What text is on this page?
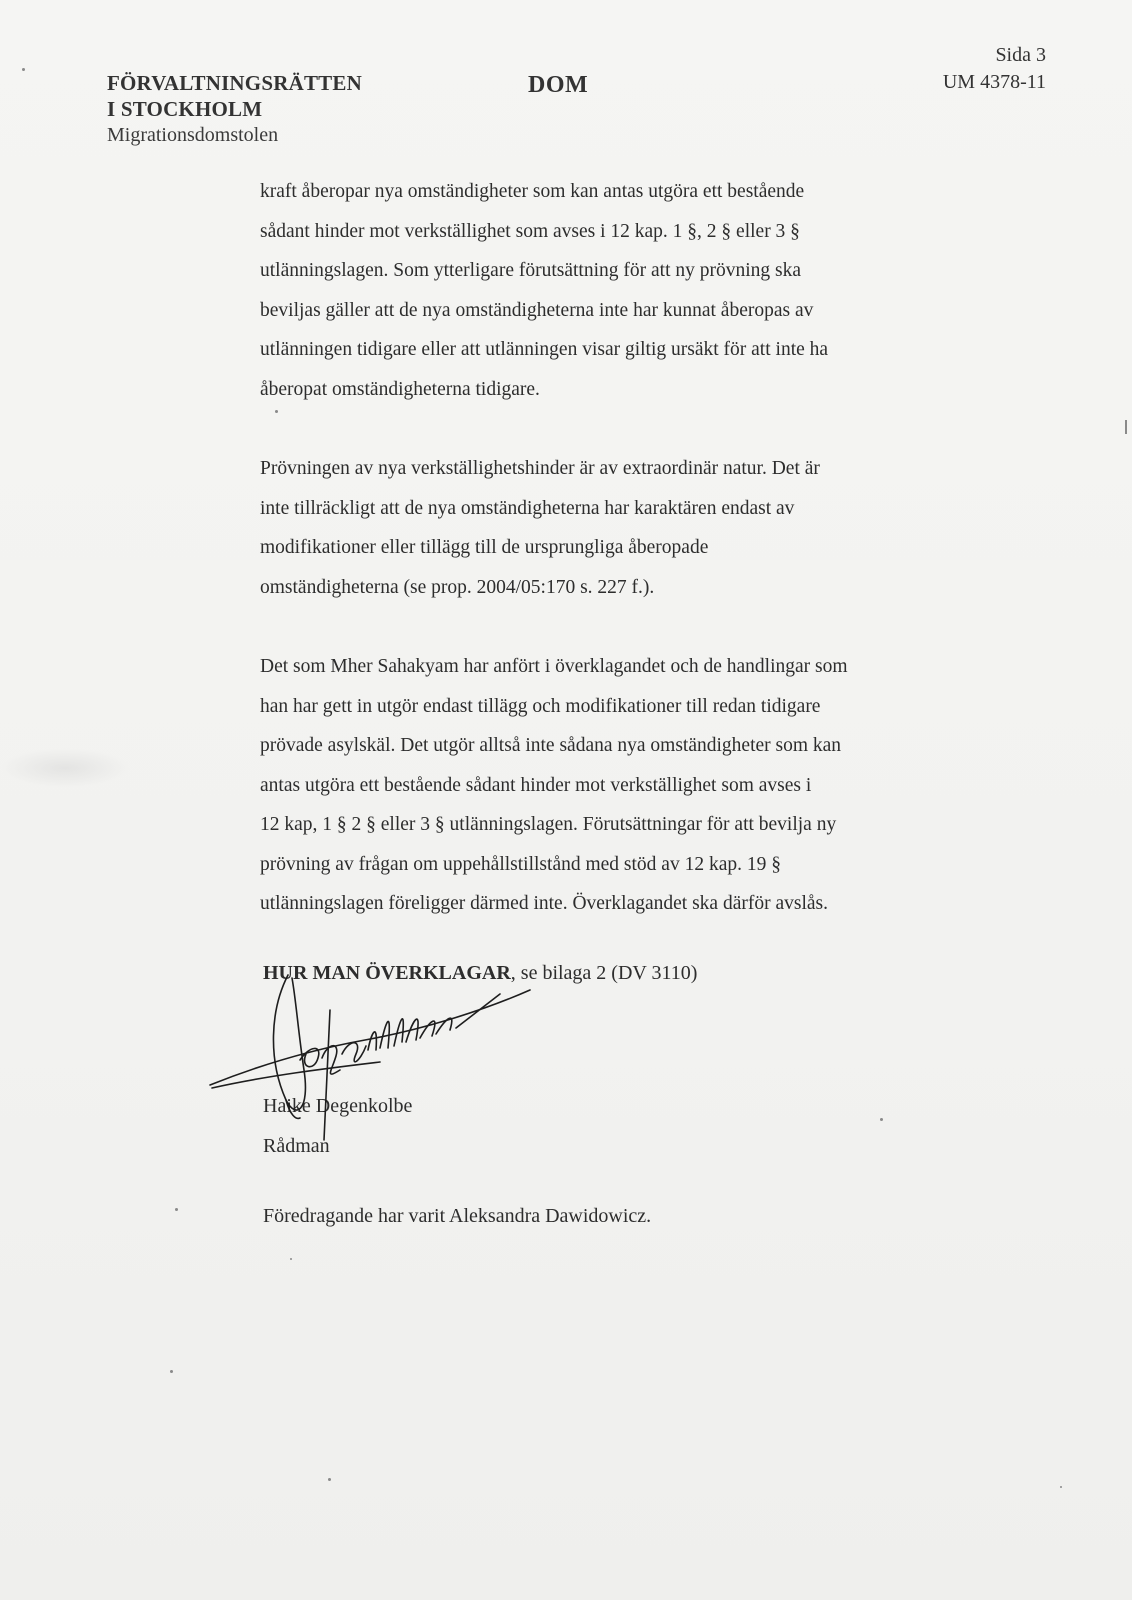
FÖRVALTNINGSRÄTTEN
I STOCKHOLM
Migrationsdomstolen
DOM
Sida 3
UM 4378-11
kraft åberopar nya omständigheter som kan antas utgöra ett bestående
sådant hinder mot verkställighet som avses i 12 kap. 1 §, 2 § eller 3 §
utlänningslagen. Som ytterligare förutsättning för att ny prövning ska
beviljas gäller att de nya omständigheterna inte har kunnat åberopas av
utlänningen tidigare eller att utlänningen visar giltig ursäkt för att inte ha
åberopat omständigheterna tidigare.
Prövningen av nya verkställighetshinder är av extraordinär natur. Det är
inte tillräckligt att de nya omständigheterna har karaktären endast av
modifikationer eller tillägg till de ursprungliga åberopade
omständigheterna (se prop. 2004/05:170 s. 227 f.).
Det som Mher Sahakyam har anfört i överklagandet och de handlingar som
han har gett in utgör endast tillägg och modifikationer till redan tidigare
prövade asylskäl. Det utgör alltså inte sådana nya omständigheter som kan
antas utgöra ett bestående sådant hinder mot verkställighet som avses i
12 kap, 1 § 2 § eller 3 § utlänningslagen. Förutsättningar för att bevilja ny
prövning av frågan om uppehållstillstånd med stöd av 12 kap. 19 §
utlänningslagen föreligger därmed inte. Överklagandet ska därför avslås.
HUR MAN ÖVERKLAGAR, se bilaga 2 (DV 3110)
Haike Degenkolbe
Rådman
Föredragande har varit Aleksandra Dawidowicz.
